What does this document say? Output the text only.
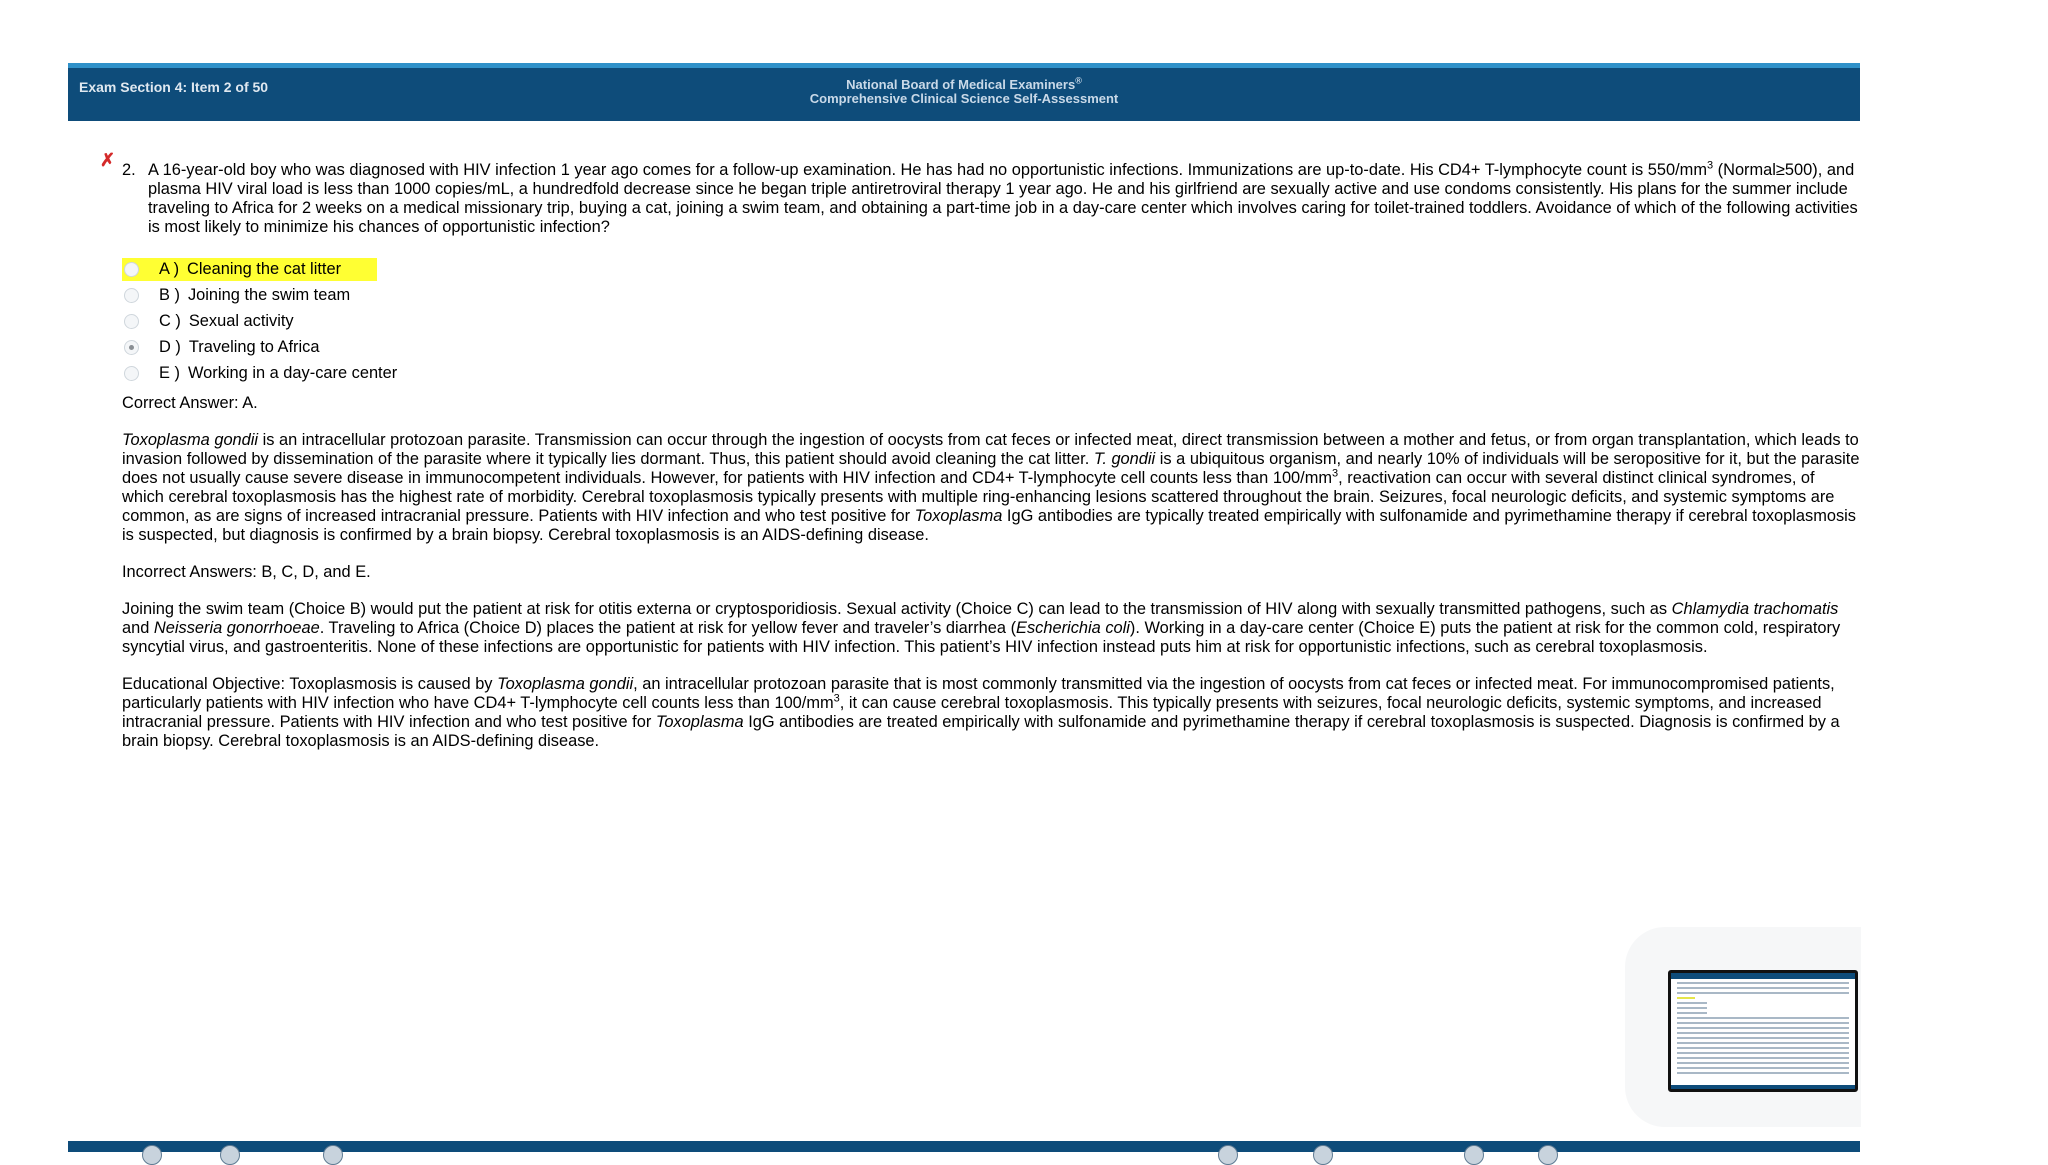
Exam Section 4: Item 2 of 50	National Board of Medical Examiners®
Comprehensive Clinical Science Self-Assessment
✗ 2. A 16-year-old boy who was diagnosed with HIV infection 1 year ago comes for a follow-up examination. He has had no opportunistic infections. Immunizations are up-to-date. His CD4+ T-lymphocyte count is $550/mm^3$ (Normal≥500), and plasma HIV viral load is less than 1000 copies/mL, a hundredfold decrease since he began triple antiretroviral therapy 1 year ago. He and his girlfriend are sexually active and use condoms consistently. His plans for the summer include traveling to Africa for 2 weeks on a medical missionary trip, buying a cat, joining a swim team, and obtaining a part-time job in a day-care center which involves caring for toilet-trained toddlers. Avoidance of which of the following activities is most likely to minimize his chances of opportunistic infection?
A ) Cleaning the cat litter
B ) Joining the swim team
C ) Sexual activity
D ) Traveling to Africa
E ) Working in a day-care center

Correct Answer: A.

Toxoplasma gondii is an intracellular protozoan parasite. Transmission can occur through the ingestion of oocysts from cat feces or infected meat, direct transmission between a mother and fetus, or from organ transplantation, which leads to invasion followed by dissemination of the parasite where it typically lies dormant. Thus, this patient should avoid cleaning the cat litter. T. gondii is a ubiquitous organism, and nearly 10% of individuals will be seropositive for it, but the parasite does not usually cause severe disease in immunocompetent individuals. However, for patients with HIV infection and CD4+ T-lymphocyte cell counts less than $100/mm^3$, reactivation can occur with several distinct clinical syndromes, of which cerebral toxoplasmosis has the highest rate of morbidity. Cerebral toxoplasmosis typically presents with multiple ring-enhancing lesions scattered throughout the brain. Seizures, focal neurologic deficits, and systemic symptoms are common, as are signs of increased intracranial pressure. Patients with HIV infection and who test positive for Toxoplasma IgG antibodies are typically treated empirically with sulfonamide and pyrimethamine therapy if cerebral toxoplasmosis is suspected, but diagnosis is confirmed by a brain biopsy. Cerebral toxoplasmosis is an AIDS-defining disease.

Incorrect Answers: B, C, D, and E.

Joining the swim team (Choice B) would put the patient at risk for otitis externa or cryptosporidiosis. Sexual activity (Choice C) can lead to the transmission of HIV along with sexually transmitted pathogens, such as Chlamydia trachomatis and Neisseria gonorrhoeae. Traveling to Africa (Choice D) places the patient at risk for yellow fever and traveler’s diarrhea (Escherichia coli). Working in a day-care center (Choice E) puts the patient at risk for the common cold, respiratory syncytial virus, and gastroenteritis. None of these infections are opportunistic for patients with HIV infection. This patient’s HIV infection instead puts him at risk for opportunistic infections, such as cerebral toxoplasmosis.

Educational Objective: Toxoplasmosis is caused by Toxoplasma gondii, an intracellular protozoan parasite that is most commonly transmitted via the ingestion of oocysts from cat feces or infected meat. For immunocompromised patients, particularly patients with HIV infection who have CD4+ T-lymphocyte cell counts less than $100/mm^3$, it can cause cerebral toxoplasmosis. This typically presents with seizures, focal neurologic deficits, systemic symptoms, and increased intracranial pressure. Patients with HIV infection and who test positive for Toxoplasma IgG antibodies are treated empirically with sulfonamide and pyrimethamine therapy if cerebral toxoplasmosis is suspected. Diagnosis is confirmed by a brain biopsy. Cerebral toxoplasmosis is an AIDS-defining disease.
